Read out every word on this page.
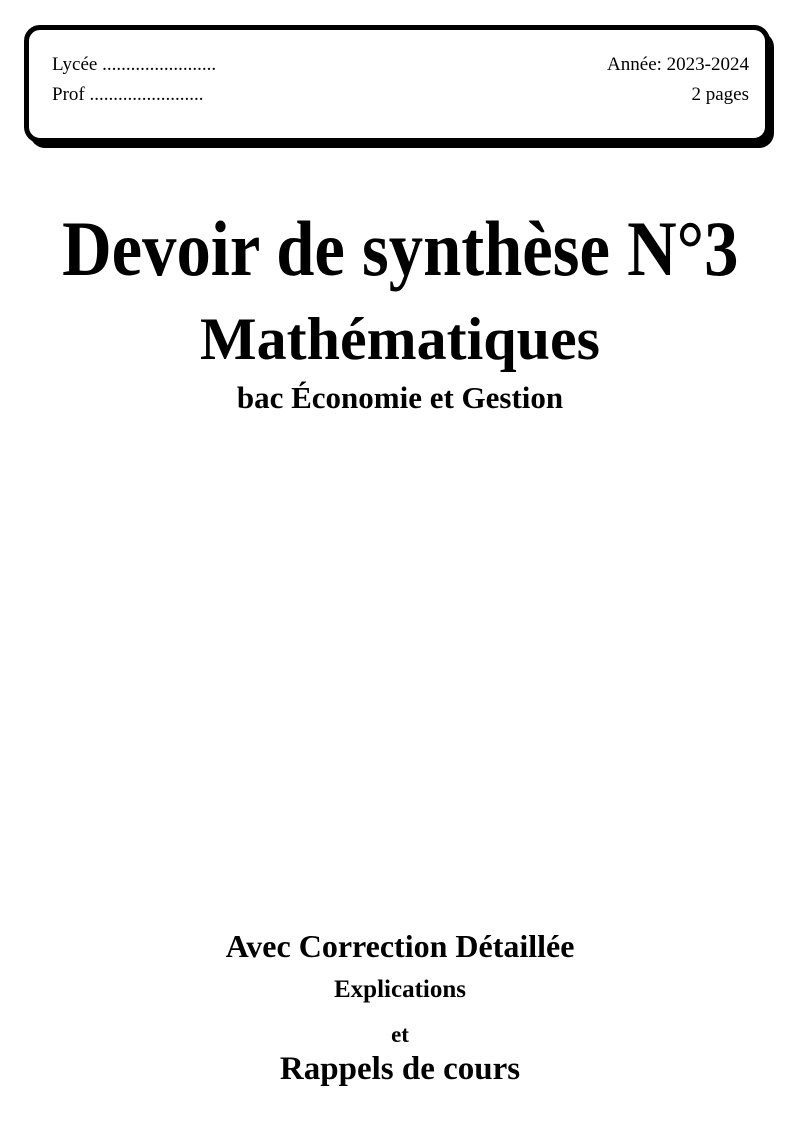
Lycée ........................
Prof ........................
Année: 2023-2024
2 pages
Devoir de synthèse N°3
Mathématiques
bac Économie et Gestion
Avec Correction Détaillée
Explications
et
Rappels de cours
